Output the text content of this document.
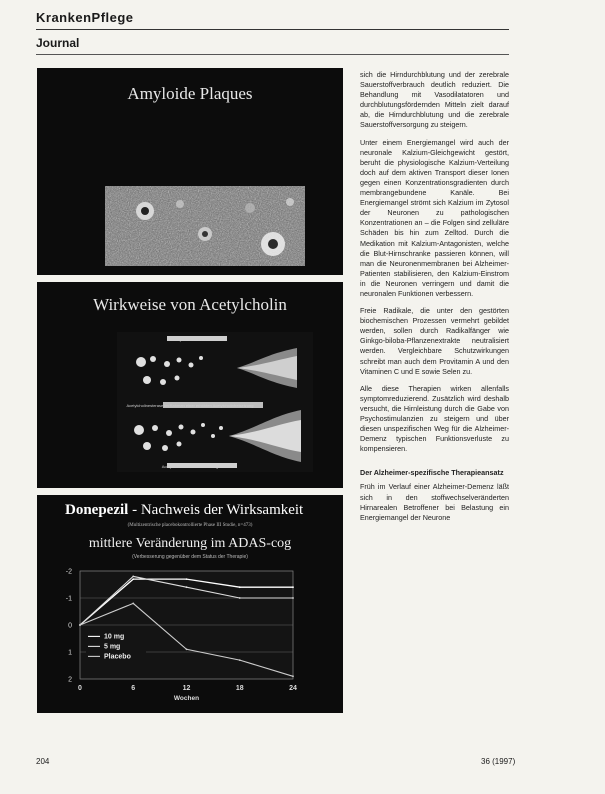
KrankenPflege
Journal
Amyloide Plaques
Wirkweise von Acetylcholin
Acetylcholinesterase
Acetylcholinesterase im Rahmen einer erhöhten Acetylcholinfreisetzung
Acetylcholinesterase-Hemmung
Donepezil - Nachweis der Wirksamkeit
(Multizentrische placebokontrollierte Phase III Studie, n=473)
mittlere Veränderung im ADAS-cog
(Verbesserung gegenüber dem Status der Therapie)
-2
-1
0
1
2
0	6	12	18	24
Wochen
10 mg
5 mg
Placebo

sich die Hirndurchblutung und der zerebrale Sauerstoffverbrauch deutlich reduziert. Die Behandlung mit Vasodilatatoren und durchblutungsfördernden Mitteln zielt darauf ab, die Hirndurchblutung und die zerebrale Sauerstoffversorgung zu steigern.

Unter einem Energiemangel wird auch der neuronale Kalzium-Gleichgewicht gestört, beruht die physiologische Kalzium-Verteilung doch auf dem aktiven Transport dieser Ionen gegen einen Konzentrationsgradienten durch membrangebundene Kanäle. Bei Energiemangel strömt sich Kalzium im Zytosol der Neuronen zu pathologischen Konzentrationen an – die Folgen sind zelluläre Schäden bis hin zum Zelltod. Durch die Medikation mit Kalzium-Antagonisten, welche die Blut-Hirnschranke passieren können, will man die Neuronenmembranen bei Alzheimer-Patienten stabilisieren, den Kalzium-Einstrom in die Neuronen verringern und damit die neuronalen Funktionen verbessern.

Freie Radikale, die unter den gestörten biochemischen Prozessen vermehrt gebildet werden, sollen durch Radikalfänger wie Ginkgo-biloba-Pflanzenextrakte neutralisiert werden. Vergleichbare Schutzwirkungen schreibt man auch dem Provitamin A und den Vitaminen C und E sowie Selen zu.

Alle diese Therapien wirken allenfalls symptomreduzierend. Zusätzlich wird deshalb versucht, die Hirnleistung durch die Gabe von Psychostimulanzien zu steigern und über diesen unspezifischen Weg für die Alzheimer-Demenz typischen Funktionsverluste zu kompensieren.

Der Alzheimer-spezifische Therapieansatz

Früh im Verlauf einer Alzheimer-Demenz läßt sich in den stoffwechselveränderten Hirnarealen Betroffener bei Belastung ein Energiemangel der Neurone

204	36 (1997)
